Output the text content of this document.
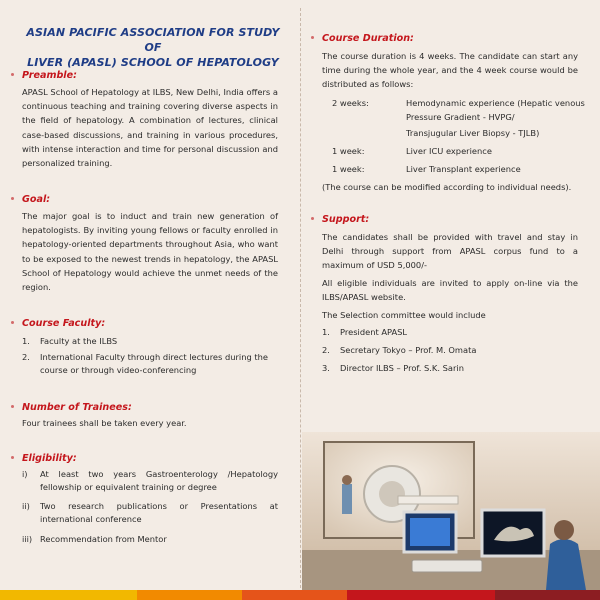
ASIAN PACIFIC ASSOCIATION FOR STUDY OF
LIVER (APASL) SCHOOL OF HEPATOLOGY
Preamble:
APASL School of Hepatology at ILBS, New Delhi, India offers a continuous teaching and training covering diverse aspects in the field of hepatology. A combination of lectures, clinical case-based discussions, and training in various procedures, with intense interaction and time for personal discussion and personalized training.
Goal:
The major goal is to induct and train new generation of hepatologists. By inviting young fellows or faculty enrolled in hepatology-oriented departments throughout Asia, who want to be exposed to the newest trends in hepatology, the APASL School of Hepatology would achieve the unmet needs of the region.
Course Faculty:
1. Faculty at the ILBS
2. International Faculty through direct lectures during the course or through video-conferencing
Number of Trainees:
Four trainees shall be taken every year.
Eligibility:
i) At least two years Gastroenterology /Hepatology fellowship or equivalent training or degree
ii) Two research publications or Presentations at international conference
iii) Recommendation from Mentor
Course Duration:
The course duration is 4 weeks. The candidate can start any time during the whole year, and the 4 week course would be distributed as follows:
2 weeks:	Hemodynamic experience (Hepatic venous Pressure Gradient - HVPG/
Transjugular Liver Biopsy - TJLB)
1 week:	Liver ICU experience
1 week:	Liver Transplant experience
(The course can be modified according to individual needs).
Support:
The candidates shall be provided with travel and stay in Delhi through support from APASL corpus fund to a maximum of USD 5,000/-
All eligible individuals are invited to apply on-line via the ILBS/APASL website.
The Selection committee would include
1. President APASL
2. Secretary Tokyo – Prof. M. Omata
3. Director ILBS – Prof. S.K. Sarin
